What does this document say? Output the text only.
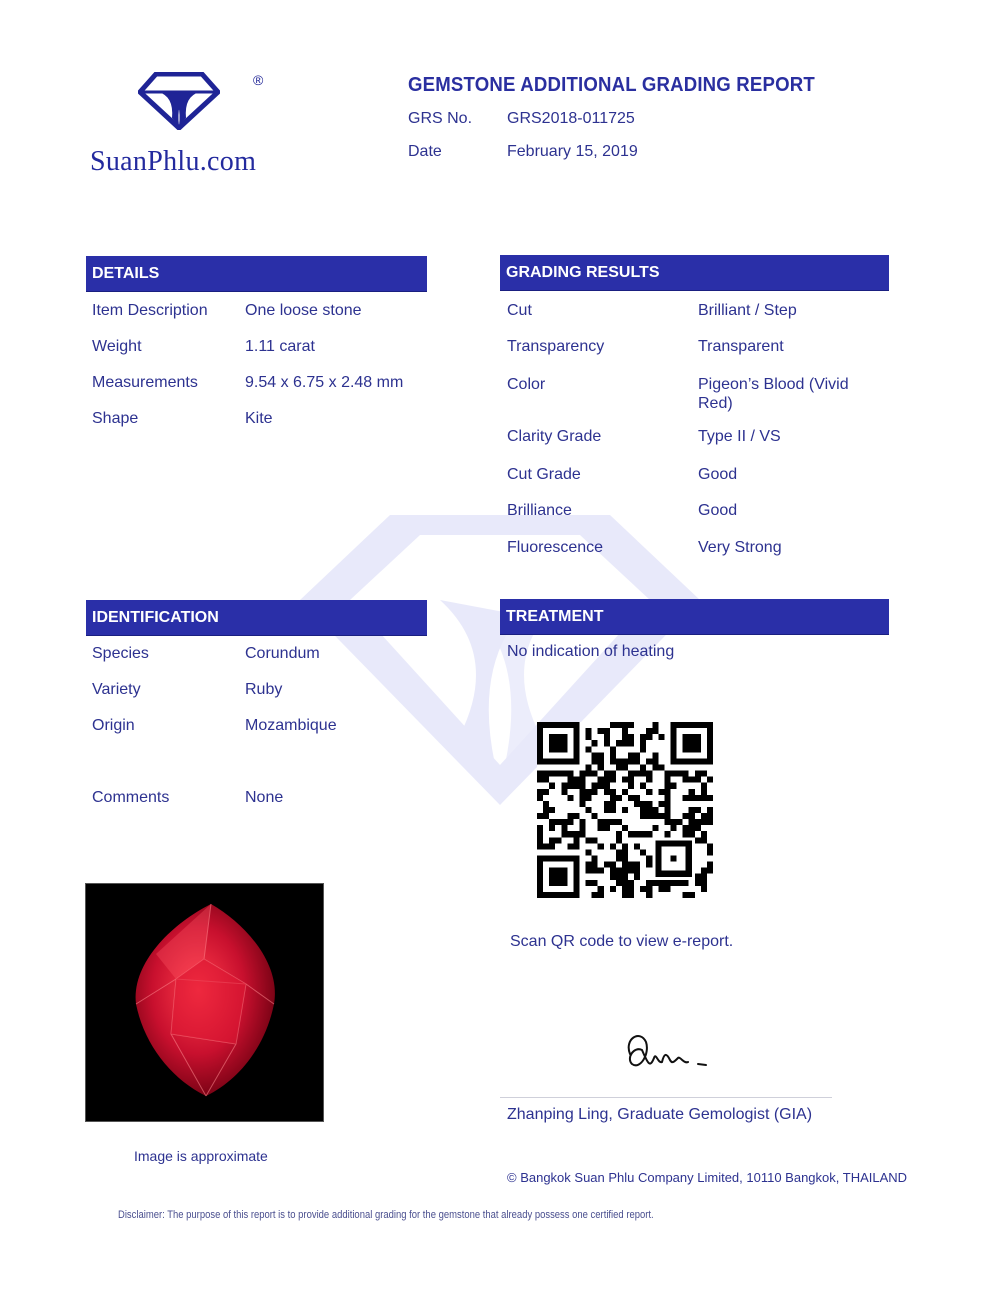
®
SuanPhlu.com
GEMSTONE ADDITIONAL GRADING REPORT
GRS No. GRS2018-011725
Date	February 15, 2019
DETAILS
Item Description One loose stone
Weight	1.11 carat
Measurements	9.54 x 6.75 x 2.48 mm
Shape	Kite
GRADING RESULTS
Cut	Brilliant / Step
Transparency	Transparent
Color	Pigeon’s Blood (Vivid
Red)
Clarity Grade	Type II / VS
Cut Grade	Good
Brilliance	Good
Fluorescence	Very Strong
IDENTIFICATION
Species	Corundum
Variety	Ruby
Origin	Mozambique
Comments	None
TREATMENT
No indication of heating
Scan QR code to view e-report.
Image is approximate
Zhanping Ling, Graduate Gemologist (GIA)
© Bangkok Suan Phlu Company Limited, 10110 Bangkok, THAILAND
Disclaimer: The purpose of this report is to provide additional grading for the gemstone that already possess one certified report.
